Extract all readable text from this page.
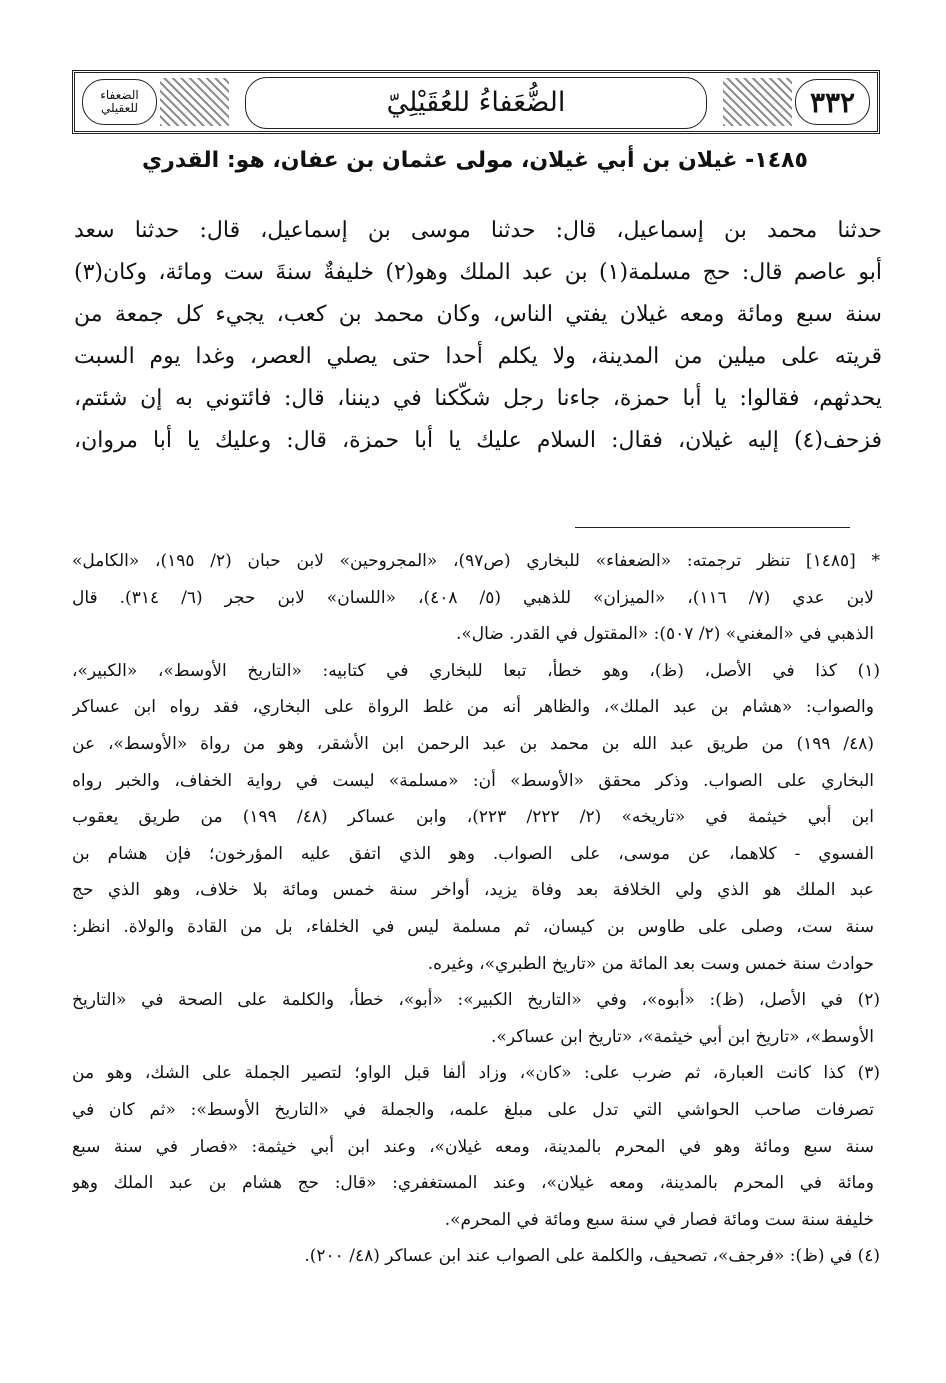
٣٣٢
الضُّعَفاءُ للعُقَيْلِيّ
الضعفاء للعقيلي
١٤٨٥- غيلان بن أبي غيلان، مولى عثمان بن عفان، هو: القدري
حدثنا محمد بن إسماعيل، قال: حدثنا موسى بن إسماعيل، قال: حدثنا سعد
أبو عاصم قال: حج مسلمة(١) بن عبد الملك وهو(٢) خليفةٌ سنةَ ست ومائة، وكان(٣)
سنة سبع ومائة ومعه غيلان يفتي الناس، وكان محمد بن كعب، يجيء كل جمعة من
قريته على ميلين من المدينة، ولا يكلم أحدا حتى يصلي العصر، وغدا يوم السبت
يحدثهم، فقالوا: يا أبا حمزة، جاءنا رجل شكّكنا في ديننا، قال: فائتوني به إن شئتم،
فزحف(٤) إليه غيلان، فقال: السلام عليك يا أبا حمزة، قال: وعليك يا أبا مروان،
* [١٤٨٥] تنظر ترجمته: «الضعفاء» للبخاري (ص٩٧)، «المجروحين» لابن حبان (٢/ ١٩٥)، «الكامل»
لابن عدي (٧/ ١١٦)، «الميزان» للذهبي (٥/ ٤٠٨)، «اللسان» لابن حجر (٦/ ٣١٤). قال
الذهبي في «المغني» (٢/ ٥٠٧): «المقتول في القدر. ضال».
(١) كذا في الأصل، (ظ)، وهو خطأ، تبعا للبخاري في كتابيه: «التاريخ الأوسط»، «الكبير»،
والصواب: «هشام بن عبد الملك»، والظاهر أنه من غلط الرواة على البخاري، فقد رواه ابن عساكر
(٤٨/ ١٩٩) من طريق عبد الله بن محمد بن عبد الرحمن ابن الأشقر، وهو من رواة «الأوسط»، عن
البخاري على الصواب. وذكر محقق «الأوسط» أن: «مسلمة» ليست في رواية الخفاف، والخبر رواه
ابن أبي خيثمة في «تاريخه» (٢/ ٢٢٢/ ٢٢٣)، وابن عساكر (٤٨/ ١٩٩) من طريق يعقوب
الفسوي - كلاهما، عن موسى، على الصواب. وهو الذي اتفق عليه المؤرخون؛ فإن هشام بن
عبد الملك هو الذي ولي الخلافة بعد وفاة يزيد، أواخر سنة خمس ومائة بلا خلاف، وهو الذي حج
سنة ست، وصلى على طاوس بن كيسان، ثم مسلمة ليس في الخلفاء، بل من القادة والولاة. انظر:
حوادث سنة خمس وست بعد المائة من «تاريخ الطبري»، وغيره.
(٢) في الأصل، (ظ): «أبوه»، وفي «التاريخ الكبير»: «أبو»، خطأ، والكلمة على الصحة في «التاريخ
الأوسط»، «تاريخ ابن أبي خيثمة»، «تاريخ ابن عساكر».
(٣) كذا كانت العبارة، ثم ضرب على: «كان»، وزاد ألفا قبل الواو؛ لتصير الجملة على الشك، وهو من
تصرفات صاحب الحواشي التي تدل على مبلغ علمه، والجملة في «التاريخ الأوسط»: «ثم كان في
سنة سبع ومائة وهو في المحرم بالمدينة، ومعه غيلان»، وعند ابن أبي خيثمة: «فصار في سنة سبع
ومائة في المحرم بالمدينة، ومعه غيلان»، وعند المستغفري: «قال: حج هشام بن عبد الملك وهو
خليفة سنة ست ومائة فصار في سنة سبع ومائة في المحرم».
(٤) في (ظ): «فرجف»، تصحيف، والكلمة على الصواب عند ابن عساكر (٤٨/ ٢٠٠).
